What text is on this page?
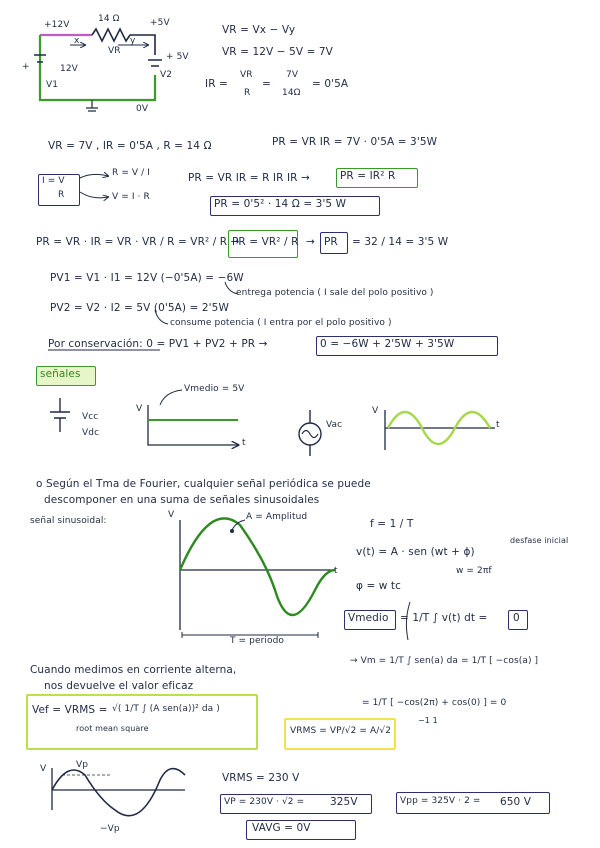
+12V
14 Ω	+5V
x	y
VR
+ 5V
+	12V
V1
V2
0V
VR = Vx − Vy
VR = 12V − 5V = 7V
IR =
VR
R
=
7V
14Ω
= 0'5A
VR = 7V , IR = 0'5A , R = 14 Ω	PR = VR IR = 7V · 0'5A = 3'5W
I = V
R
R = V / I
V = I · R
PR = VR IR = R IR IR →	PR = IR² R
PR = 0'5² · 14 Ω = 3'5 W
PR = VR · IR = VR · VR / R = VR² / R →
PR = VR² / R → PR = 32 / 14 = 3'5 W
PV1 = V1 · I1 = 12V (−0'5A) = −6W
entrega potencia ( I sale del polo positivo )
PV2 = V2 · I2 = 5V (0'5A) = 2'5W
consume potencia ( I entra por el polo positivo )
Por conservación: 0 = PV1 + PV2 + PR →	0 = −6W + 2'5W + 3'5W
señales
Vcc
Vdc
Vmedio = 5V
V
t
Vac
V
t
o Según el Tma de Fourier, cualquier señal periódica se puede
descomponer en una suma de señales sinusoidales
señal sinusoidal:
V
t
A = Amplitud
T = periodo
f = 1 / T
v(t) = A · sen (wt + ϕ)
desfase inicial
w = 2πf
φ = w tc
Vmedio = 1/T ∫ v(t) dt = 0
→ Vm = 1/T ∫ sen(a) da = 1/T [ −cos(a) ]
= 1/T [ −cos(2π) + cos(0) ] = 0
−1 1
Cuando medimos en corriente alterna,
nos devuelve el valor eficaz
Vef = VRMS = √( 1/T ∫ (A sen(a))² da )
root mean square	VRMS = VP/√2 = A/√2
V	Vp
−Vp
VRMS = 230 V
VP = 230V · √2 = 325V	Vpp = 325V · 2 = 650 V
VAVG = 0V
